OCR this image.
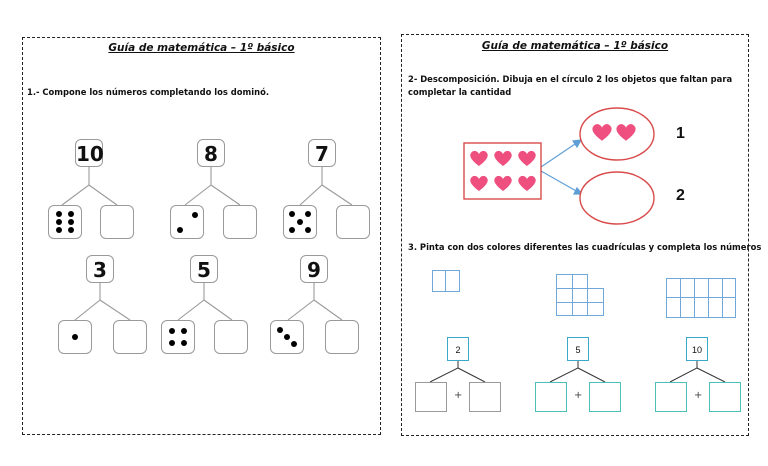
Guía de matemática – 1º básico
1.- Compone los números completando los dominó.
Guía de matemática – 1º básico
2- Descomposición. Dibuja en el círculo 2 los objetos que faltan para
completar la cantidad
3. Pinta con dos colores diferentes las cuadrículas y completa los números
10	8	7
3	5	9
1
2
2	5	10
+	+	+
